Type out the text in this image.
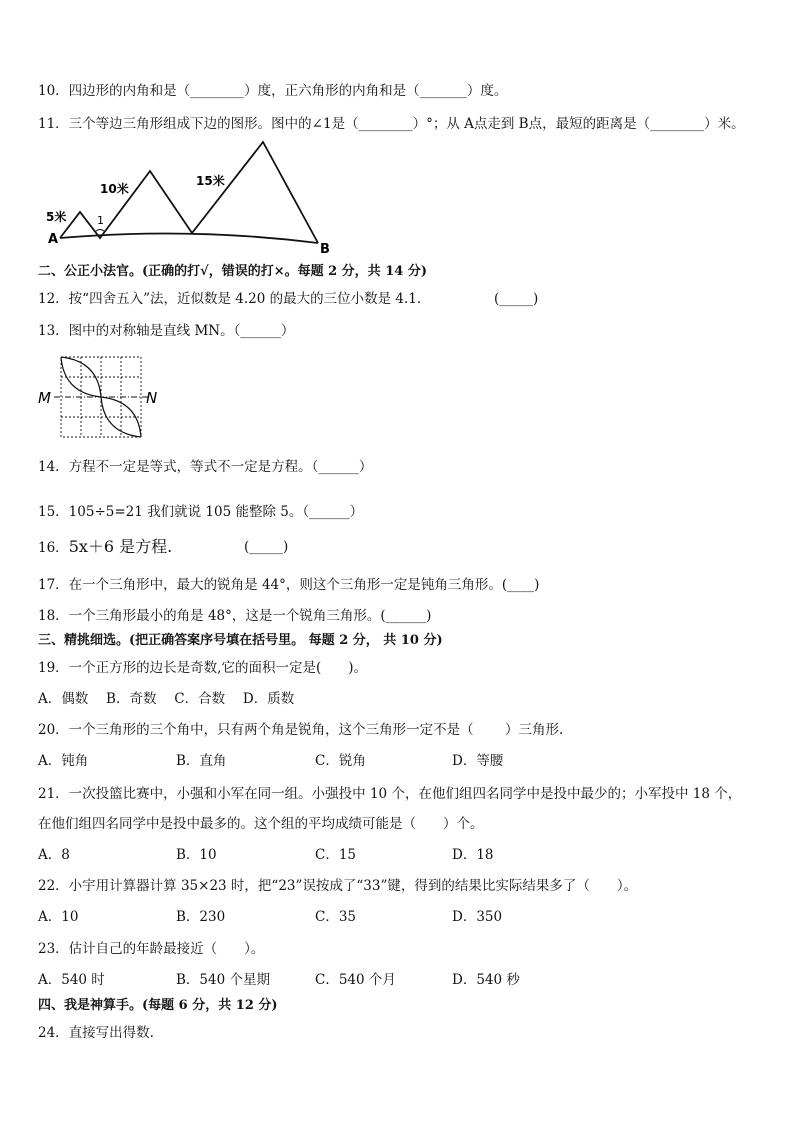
10．四边形的内角和是（________）度，正六角形的内角和是（_______）度。
11．三个等边三角形组成下边的图形。图中的∠1是（________）°；从 A点走到 B点，最短的距离是（________）米。
A
B
1
5米
10米
15米
二、公正小法官。(正确的打√，错误的打×。每题 2 分，共 14 分)
12．按“四舍五入”法，近似数是 4.20 的最大的三位小数是 4.1．	(_____)
13．图中的对称轴是直线 MN。（______）
M	N
14．方程不一定是等式，等式不一定是方程。（______）
15．105÷5=21 我们就说 105 能整除 5。（______）
16．5x＋6 是方程.	(_____)
17．在一个三角形中，最大的锐角是 44°，则这个三角形一定是钝角三角形。(____)
18．一个三角形最小的角是 48°，这是一个锐角三角形。(______)
三、精挑细选。(把正确答案序号填在括号里。 每题 2 分， 共 10 分)
19．一个正方形的边长是奇数,它的面积一定是(　　)。
A．偶数　 B．奇数　 C．合数　 D．质数
20．一个三角形的三个角中，只有两个角是锐角，这个三角形一定不是（　　 ）三角形.
A．钝角	B．直角	C．锐角	D．等腰
21．一次投篮比赛中，小强和小军在同一组。小强投中 10 个，在他们组四名同学中是投中最少的；小军投中 18 个，
在他们组四名同学中是投中最多的。这个组的平均成绩可能是（　　）个。
A．8	B．10	C．15	D．18
22．小宇用计算器计算 35×23 时，把“23”误按成了“33”键，得到的结果比实际结果多了（　　）。
A．10	B．230	C．35	D．350
23．估计自己的年龄最接近（　　）。
A．540 时	B．540 个星期	C．540 个月	D．540 秒
四、我是神算手。(每题 6 分，共 12 分)
24．直接写出得数.
